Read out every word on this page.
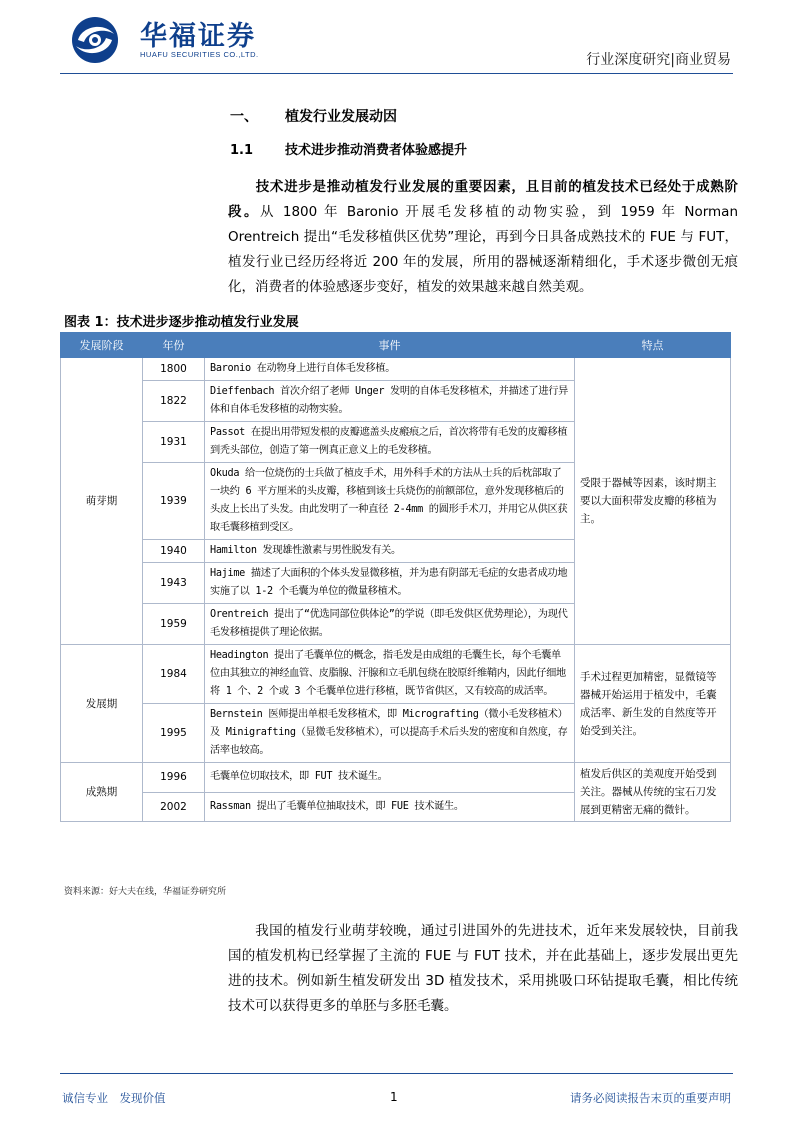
华福证券
HUAFU SECURITIES CO.,LTD.	行业深度研究|商业贸易
一、 植发行业发展动因
1.1 技术进步推动消费者体验感提升
技术进步是推动植发行业发展的重要因素，且目前的植发技术已经处于成熟阶段。从 1800 年 Baronio 开展毛发移植的动物实验，到 1959 年 Norman Orentreich 提出“毛发移植供区优势”理论，再到今日具备成熟技术的 FUE 与 FUT，植发行业已经历经将近 200 年的发展，所用的器械逐渐精细化，手术逐步微创无痕化，消费者的体验感逐步变好，植发的效果越来越自然美观。
图表 1：技术进步逐步推动植发行业发展
发展阶段	年份	事件	特点
萌芽期	1800	Baronio 在动物身上进行自体毛发移植。	受限于器械等因素，该时期主要以大面积带发皮瓣的移植为主。
	1822	Dieffenbach 首次介绍了老师 Unger 发明的自体毛发移植术，并描述了进行异体和自体毛发移植的动物实验。	
	1931	Passot 在提出用带短发根的皮瓣遮盖头皮瘢痕之后，首次将带有毛发的皮瓣移植到秃头部位，创造了第一例真正意义上的毛发移植。	
	1939	Okuda 给一位烧伤的士兵做了植皮手术，用外科手术的方法从士兵的后枕部取了一块约 6 平方厘米的头皮瓣，移植到该士兵烧伤的前额部位，意外发现移植后的头皮上长出了头发。由此发明了一种直径 2-4mm 的圆形手术刀，并用它从供区获取毛囊移植到受区。	
	1940	Hamilton 发现雄性激素与男性脱发有关。	
	1943	Hajime 描述了大面积的个体头发显微移植，并为患有阴部无毛症的女患者成功地实施了以 1-2 个毛囊为单位的微量移植术。	
	1959	Orentreich 提出了“优选同部位供体论”的学说（即毛发供区优势理论），为现代毛发移植提供了理论依据。	
发展期	1984	Headington 提出了毛囊单位的概念，指毛发是由成组的毛囊生长，每个毛囊单位由其独立的神经血管、皮脂腺、汗腺和立毛肌包绕在胶原纤维鞘内，因此仔细地将 1 个、2 个或 3 个毛囊单位进行移植，既节省供区，又有较高的成活率。	手术过程更加精密，显微镜等器械开始运用于植发中，毛囊成活率、新生发的自然度等开始受到关注。
	1995	Bernstein 医师提出单根毛发移植术，即 Micrografting（微小毛发移植术）及 Minigrafting（显微毛发移植术），可以提高手术后头发的密度和自然度，存活率也较高。	
成熟期	1996	毛囊单位切取技术，即 FUT 技术诞生。	植发后供区的美观度开始受到关注。器械从传统的宝石刀发展到更精密无痛的微针。
	2002	Rassman 提出了毛囊单位抽取技术，即 FUE 技术诞生。	
资料来源：好大夫在线，华福证券研究所
我国的植发行业萌芽较晚，通过引进国外的先进技术，近年来发展较快，目前我国的植发机构已经掌握了主流的 FUE 与 FUT 技术，并在此基础上，逐步发展出更先进的技术。例如新生植发研发出 3D 植发技术，采用挑吸口环钻提取毛囊，相比传统技术可以获得更多的单胚与多胚毛囊。
诚信专业　发现价值	1	请务必阅读报告末页的重要声明
